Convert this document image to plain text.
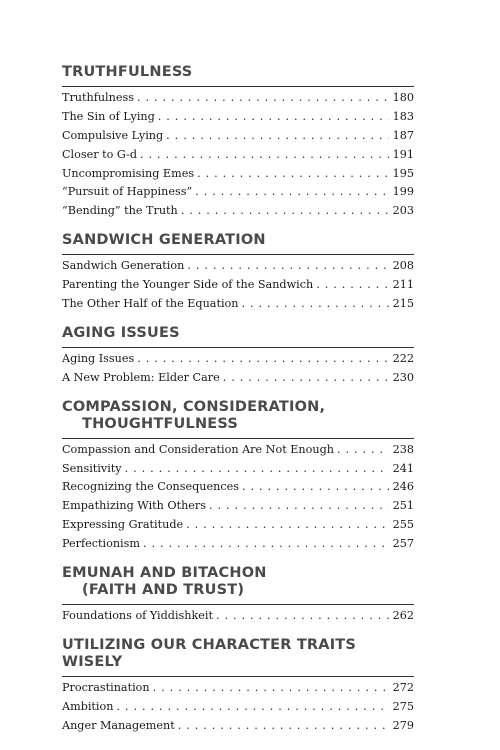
TRUTHFULNESS
Truthfulness . . .	180
The Sin of Lying . . .	183
Compulsive Lying . . .	187
Closer to G-d . . .	191
Uncompromising Emes . . .	195
“Pursuit of Happiness” . . .	199
“Bending” the Truth . . .	203
SANDWICH GENERATION
Sandwich Generation . . .	208
Parenting the Younger Side of the Sandwich . . .	211
The Other Half of the Equation . . .	215
AGING ISSUES
Aging Issues . . .	222
A New Problem: Elder Care . . .	230
COMPASSION, CONSIDERATION,
THOUGHTFULNESS
Compassion and Consideration Are Not Enough . . .	238
Sensitivity . . .	241
Recognizing the Consequences . . .	246
Empathizing With Others . . .	251
Expressing Gratitude . . .	255
Perfectionism . . .	257
EMUNAH AND BITACHON
(FAITH AND TRUST)
Foundations of Yiddishkeit . . .	262
UTILIZING OUR CHARACTER TRAITS WISELY
Procrastination . . .	272
Ambition . . .	275
Anger Management . . .	279
